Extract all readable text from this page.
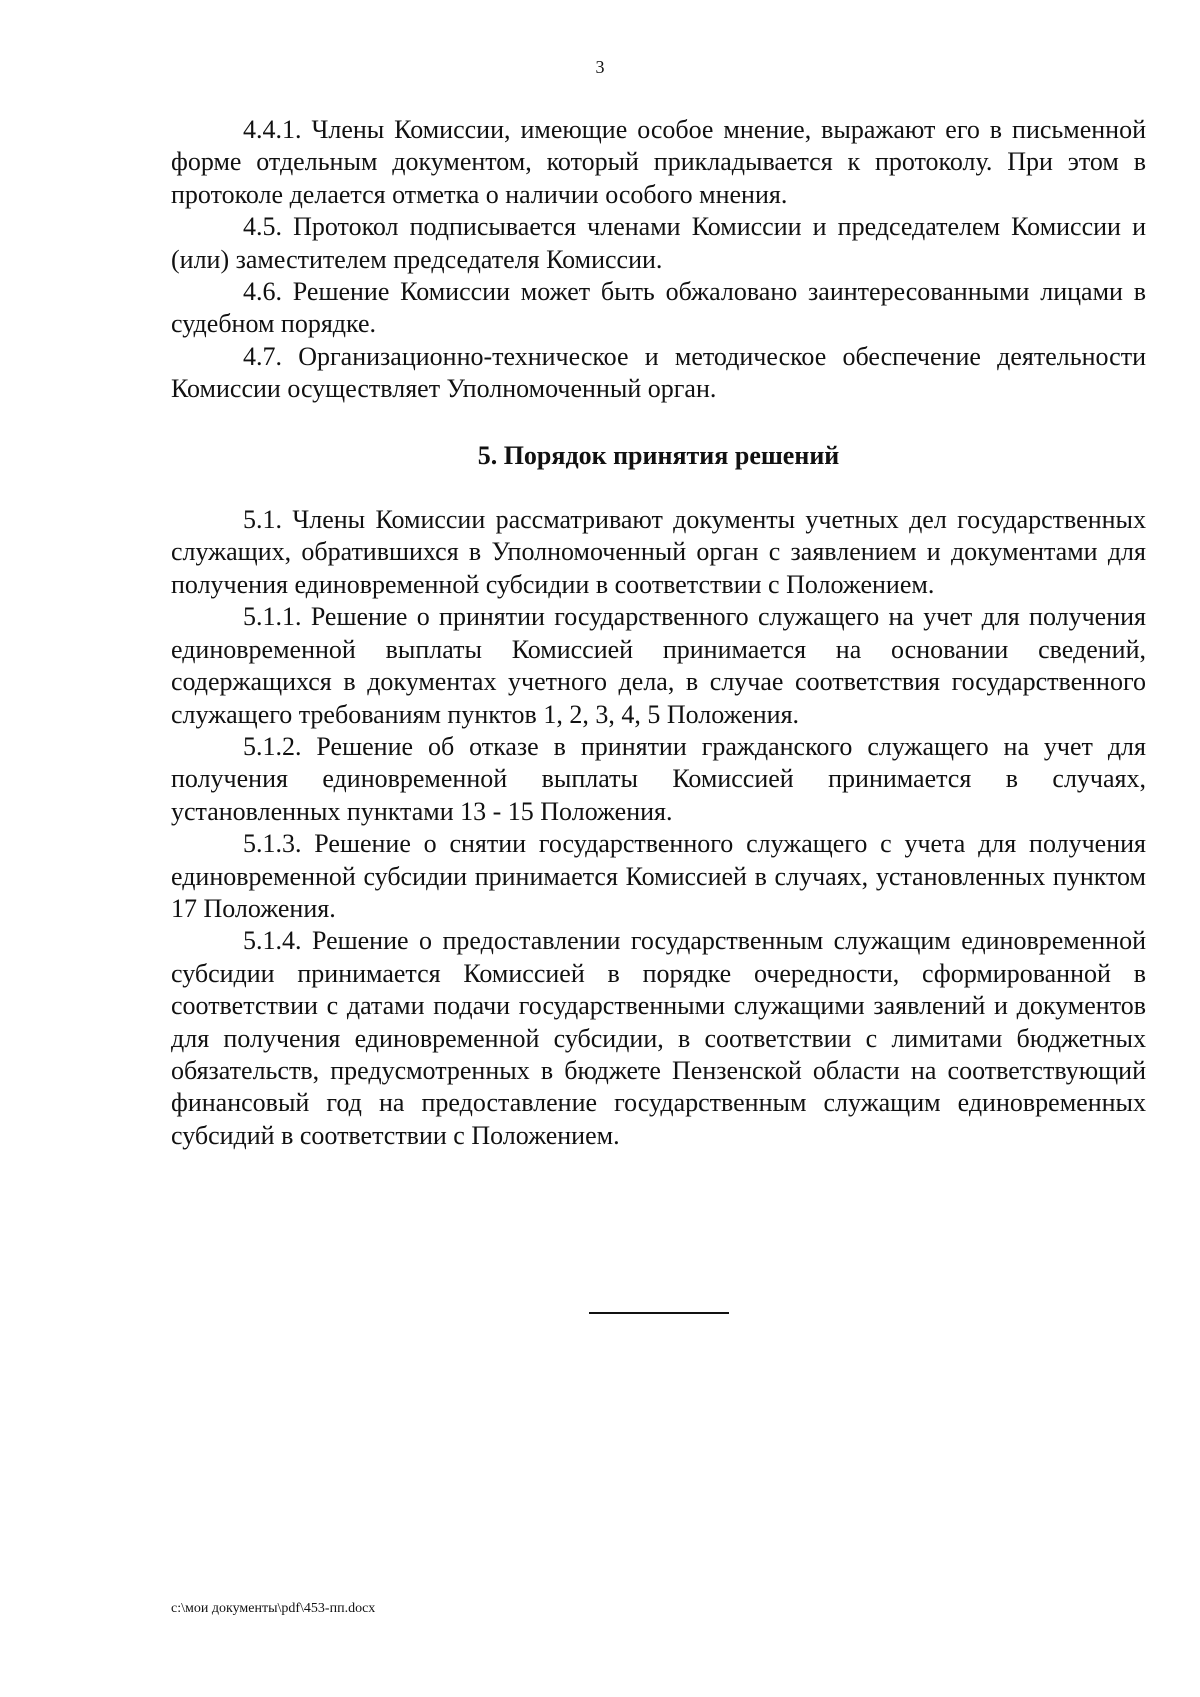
3

4.4.1. Члены Комиссии, имеющие особое мнение, выражают его в письменной форме отдельным документом, который прикладывается к протоколу. При этом в протоколе делается отметка о наличии особого мнения.

4.5. Протокол подписывается членами Комиссии и председателем Комиссии и (или) заместителем председателя Комиссии.

4.6. Решение Комиссии может быть обжаловано заинтересованными лицами в судебном порядке.

4.7. Организационно-техническое и методическое обеспечение деятельности Комиссии осуществляет Уполномоченный орган.

5. Порядок принятия решений

5.1. Члены Комиссии рассматривают документы учетных дел государственных служащих, обратившихся в Уполномоченный орган с заявлением и документами для получения единовременной субсидии в соответствии с Положением.

5.1.1. Решение о принятии государственного служащего на учет для получения единовременной выплаты Комиссией принимается на основании сведений, содержащихся в документах учетного дела, в случае соответствия государственного служащего требованиям пунктов 1, 2, 3, 4, 5 Положения.

5.1.2. Решение об отказе в принятии гражданского служащего на учет для получения единовременной выплаты Комиссией принимается в случаях, установленных пунктами 13 - 15 Положения.

5.1.3. Решение о снятии государственного служащего с учета для получения единовременной субсидии принимается Комиссией в случаях, установленных пунктом 17 Положения.

5.1.4. Решение о предоставлении государственным служащим единовременной субсидии принимается Комиссией в порядке очередности, сформированной в соответствии с датами подачи государственными служащими заявлений и документов для получения единовременной субсидии, в соответствии с лимитами бюджетных обязательств, предусмотренных в бюджете Пензенской области на соответствующий финансовый год на предоставление государственным служащим единовременных субсидий в соответствии с Положением.

c:\мои документы\pdf\453-пп.docx
